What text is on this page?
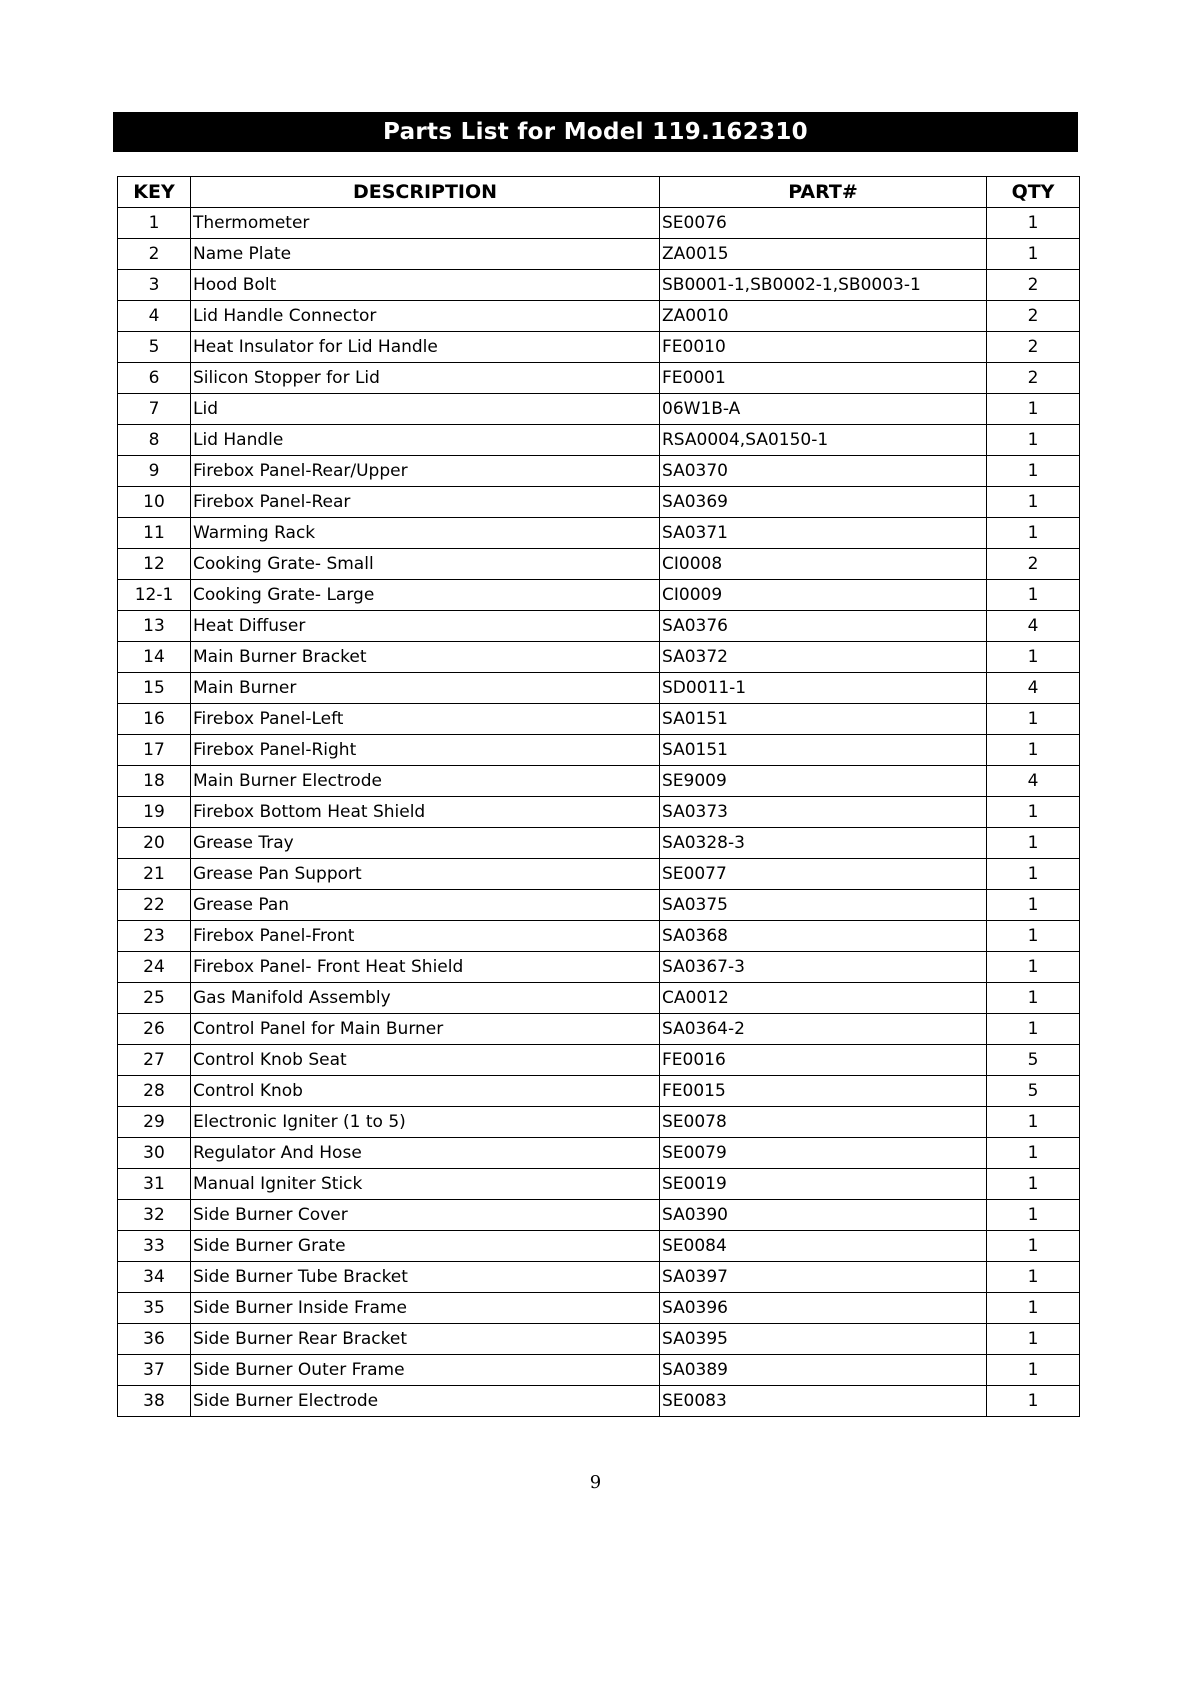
Parts List for Model 119.162310
KEY	DESCRIPTION	PART#	QTY
1	Thermometer	SE0076	1
2	Name Plate	ZA0015	1
3	Hood Bolt	SB0001-1,SB0002-1,SB0003-1	2
4	Lid Handle Connector	ZA0010	2
5	Heat Insulator for Lid Handle	FE0010	2
6	Silicon Stopper for Lid	FE0001	2
7	Lid	06W1B-A	1
8	Lid Handle	RSA0004,SA0150-1	1
9	Firebox Panel-Rear/Upper	SA0370	1
10	Firebox Panel-Rear	SA0369	1
11	Warming Rack	SA0371	1
12	Cooking Grate- Small	CI0008	2
12-1	Cooking Grate- Large	CI0009	1
13	Heat Diffuser	SA0376	4
14	Main Burner Bracket	SA0372	1
15	Main Burner	SD0011-1	4
16	Firebox Panel-Left	SA0151	1
17	Firebox Panel-Right	SA0151	1
18	Main Burner Electrode	SE9009	4
19	Firebox Bottom Heat Shield	SA0373	1
20	Grease Tray	SA0328-3	1
21	Grease Pan Support	SE0077	1
22	Grease Pan	SA0375	1
23	Firebox Panel-Front	SA0368	1
24	Firebox Panel- Front Heat Shield	SA0367-3	1
25	Gas Manifold Assembly	CA0012	1
26	Control Panel for Main Burner	SA0364-2	1
27	Control Knob Seat	FE0016	5
28	Control Knob	FE0015	5
29	Electronic Igniter (1 to 5)	SE0078	1
30	Regulator And Hose	SE0079	1
31	Manual Igniter Stick	SE0019	1
32	Side Burner Cover	SA0390	1
33	Side Burner Grate	SE0084	1
34	Side Burner Tube Bracket	SA0397	1
35	Side Burner Inside Frame	SA0396	1
36	Side Burner Rear Bracket	SA0395	1
37	Side Burner Outer Frame	SA0389	1
38	Side Burner Electrode	SE0083	1
9
